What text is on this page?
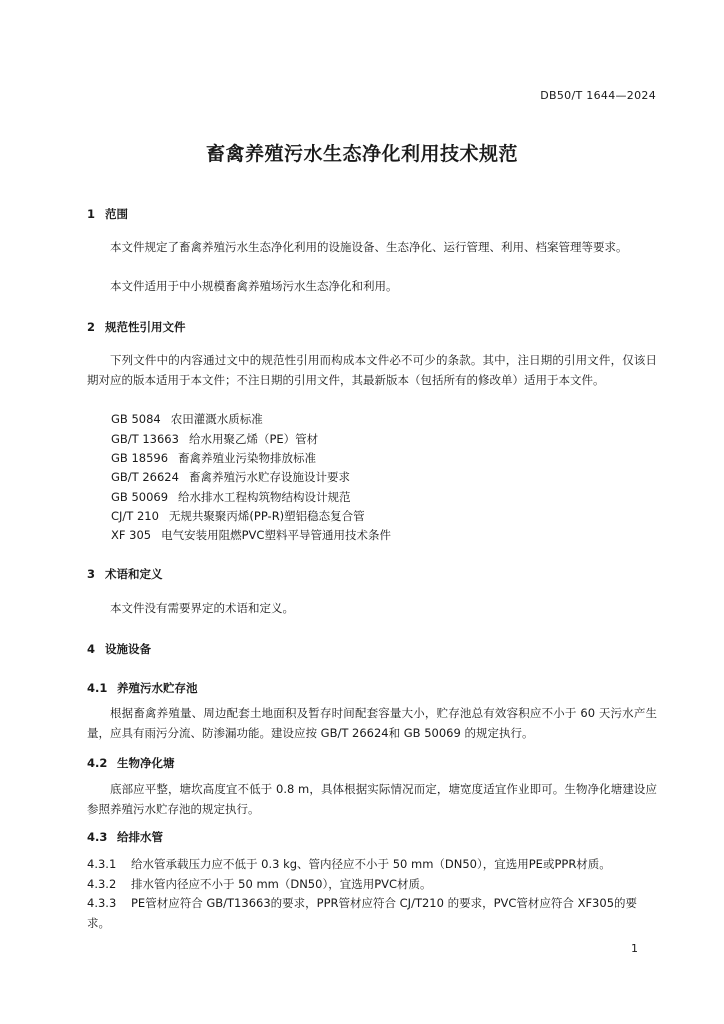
DB50/T 1644—2024
畜禽养殖污水生态净化利用技术规范
1 范围
本文件规定了畜禽养殖污水生态净化利用的设施设备、生态净化、运行管理、利用、档案管理等要求。
本文件适用于中小规模畜禽养殖场污水生态净化和利用。
2 规范性引用文件
下列文件中的内容通过文中的规范性引用而构成本文件必不可少的条款。其中，注日期的引用文件，仅该日期对应的版本适用于本文件；不注日期的引用文件，其最新版本（包括所有的修改单）适用于本文件。
GB 5084 农田灌溉水质标准
GB/T 13663 给水用聚乙烯（PE）管材
GB 18596 畜禽养殖业污染物排放标准
GB/T 26624 畜禽养殖污水贮存设施设计要求
GB 50069 给水排水工程构筑物结构设计规范
CJ/T 210 无规共聚聚丙烯(PP-R)塑铝稳态复合管
XF 305 电气安装用阻燃PVC塑料平导管通用技术条件
3 术语和定义
本文件没有需要界定的术语和定义。
4 设施设备
4.1 养殖污水贮存池
根据畜禽养殖量、周边配套土地面积及暂存时间配套容量大小，贮存池总有效容积应不小于 60 天污水产生量，应具有雨污分流、防渗漏功能。建设应按 GB/T 26624和 GB 50069 的规定执行。
4.2 生物净化塘
底部应平整，塘坎高度宜不低于 0.8 m，具体根据实际情况而定，塘宽度适宜作业即可。生物净化塘建设应参照养殖污水贮存池的规定执行。
4.3 给排水管
4.3.1 给水管承载压力应不低于 0.3 kg、管内径应不小于 50 mm（DN50），宜选用PE或PPR材质。
4.3.2 排水管内径应不小于 50 mm（DN50），宜选用PVC材质。
4.3.3 PE管材应符合 GB/T13663的要求，PPR管材应符合 CJ/T210 的要求，PVC管材应符合 XF305的要求。
1
